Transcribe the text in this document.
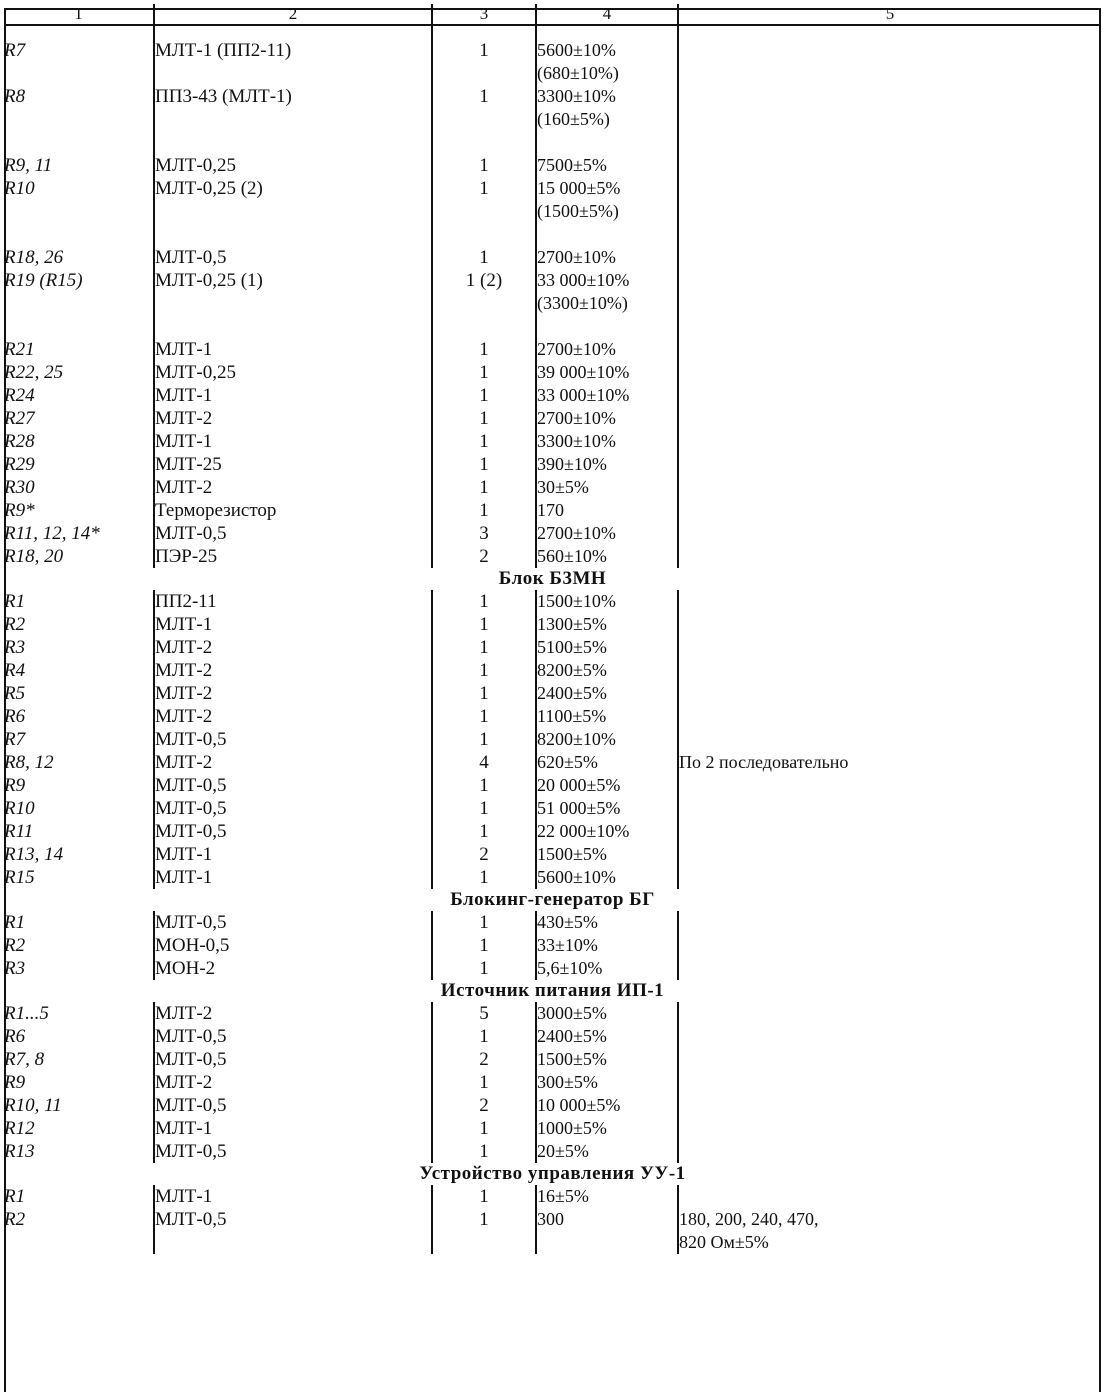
1	2	3	4	5

R7	МЛТ-1 (ПП2-11)	1	5600±10%	
			(680±10%)	
R8	ПП3-43 (МЛТ-1)	1	3300±10%	
			(160±5%)	

R9, 11	МЛТ-0,25	1	7500±5%	
R10	МЛТ-0,25 (2)	1	15 000±5%	
			(1500±5%)	

R18, 26	МЛТ-0,5	1	2700±10%	
R19 (R15)	МЛТ-0,25 (1)	1 (2)	33 000±10%	
			(3300±10%)	

R21	МЛТ-1	1	2700±10%	
R22, 25	МЛТ-0,25	1	39 000±10%	
R24	МЛТ-1	1	33 000±10%	
R27	МЛТ-2	1	2700±10%	
R28	МЛТ-1	1	3300±10%	
R29	МЛТ-25	1	390±10%	
R30	МЛТ-2	1	30±5%	
R9*	Терморезистор	1	170	
R11, 12, 14*	МЛТ-0,5	3	2700±10%	
R18, 20	ПЭР-25	2	560±10%	
Блок Б3МН				
R1	ПП2-11	1	1500±10%	
R2	МЛТ-1	1	1300±5%	
R3	МЛТ-2	1	5100±5%	
R4	МЛТ-2	1	8200±5%	
R5	МЛТ-2	1	2400±5%	
R6	МЛТ-2	1	1100±5%	
R7	МЛТ-0,5	1	8200±10%	
R8, 12	МЛТ-2	4	620±5%	По 2 последовательно
R9	МЛТ-0,5	1	20 000±5%	
R10	МЛТ-0,5	1	51 000±5%	
R11	МЛТ-0,5	1	22 000±10%	
R13, 14	МЛТ-1	2	1500±5%	
R15	МЛТ-1	1	5600±10%	
Блокинг-генератор БГ				
R1	МЛТ-0,5	1	430±5%	
R2	МОН-0,5	1	33±10%	
R3	МОН-2	1	5,6±10%	
Источник питания ИП-1				
R1...5	МЛТ-2	5	3000±5%	
R6	МЛТ-0,5	1	2400±5%	
R7, 8	МЛТ-0,5	2	1500±5%	
R9	МЛТ-2	1	300±5%	
R10, 11	МЛТ-0,5	2	10 000±5%	
R12	МЛТ-1	1	1000±5%	
R13	МЛТ-0,5	1	20±5%	
Устройство управления УУ-1				
R1	МЛТ-1	1	16±5%	
R2	МЛТ-0,5	1	300	180, 200, 240, 470,
				820 Ом±5%
